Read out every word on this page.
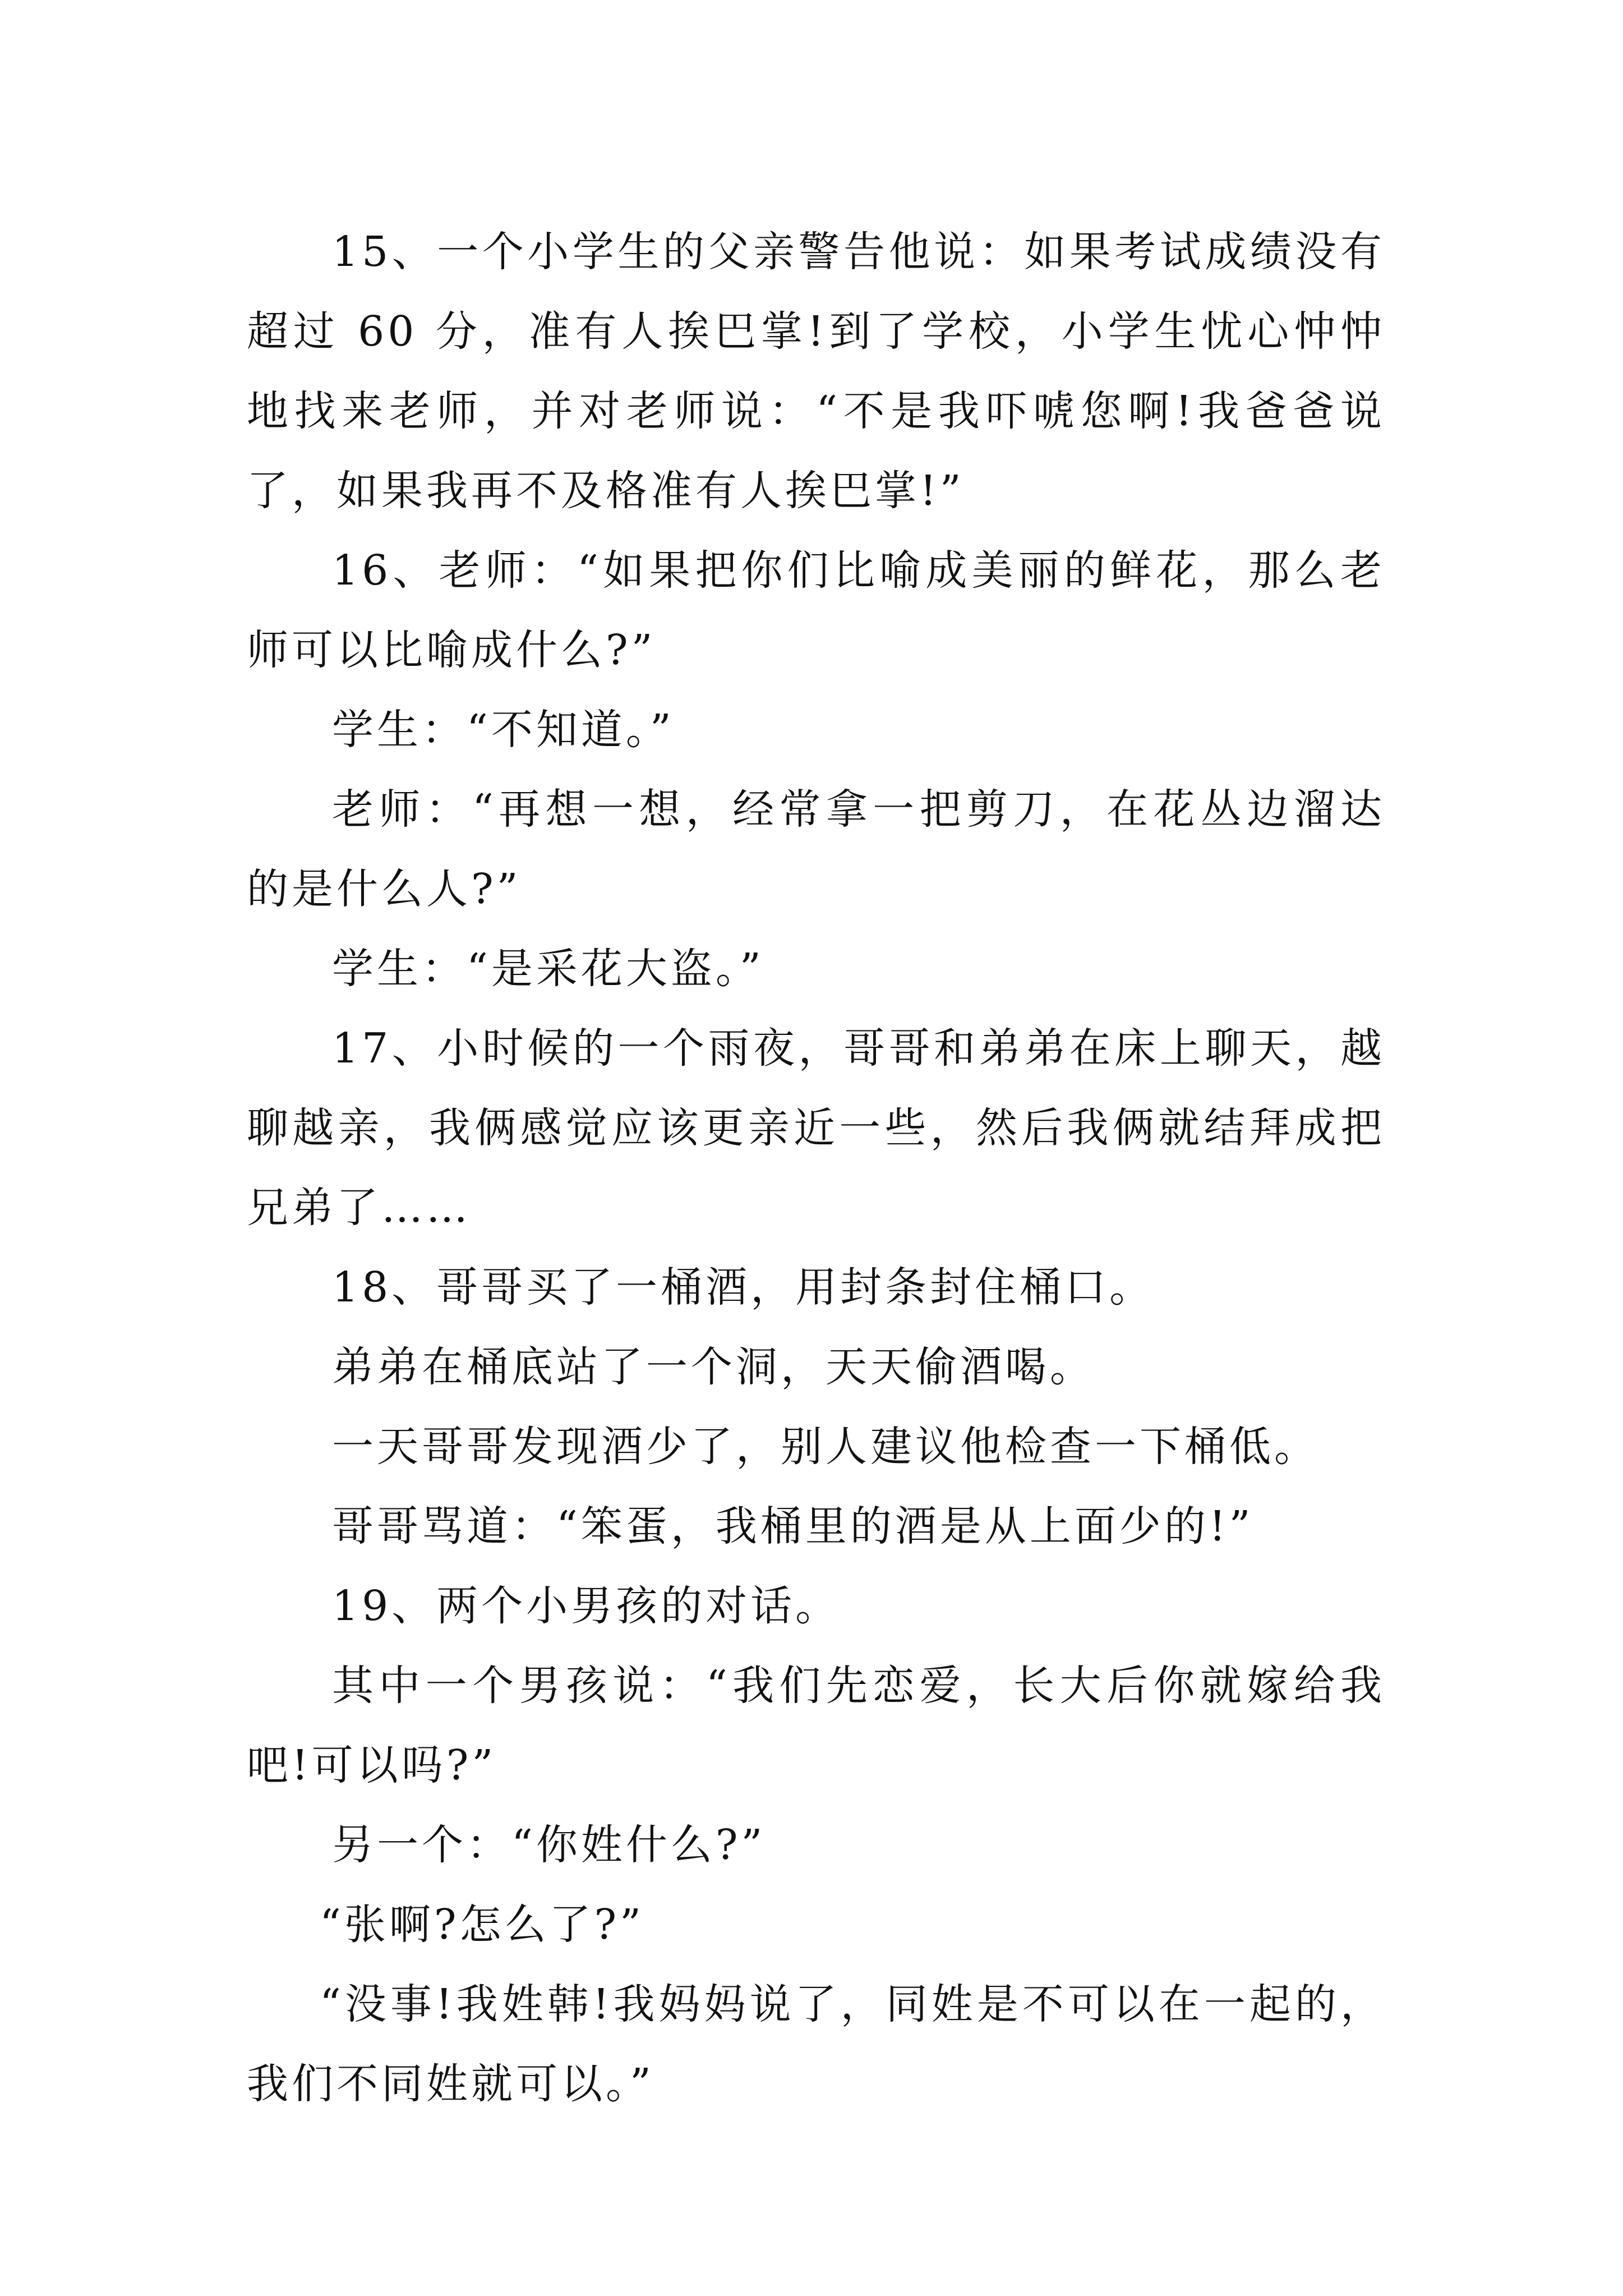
15、一个小学生的父亲警告他说：如果考试成绩没有超过 60 分，准有人挨巴掌!到了学校，小学生忧心忡忡地找来老师，并对老师说：“不是我吓唬您啊!我爸爸说了，如果我再不及格准有人挨巴掌!”

16、老师：“如果把你们比喻成美丽的鲜花，那么老师可以比喻成什么?”

学生：“不知道。”

老师：“再想一想，经常拿一把剪刀，在花丛边溜达的是什么人?”

学生：“是采花大盗。”

17、小时候的一个雨夜，哥哥和弟弟在床上聊天，越聊越亲，我俩感觉应该更亲近一些，然后我俩就结拜成把兄弟了……

18、哥哥买了一桶酒，用封条封住桶口。

弟弟在桶底站了一个洞，天天偷酒喝。

一天哥哥发现酒少了，别人建议他检查一下桶低。

哥哥骂道：“笨蛋，我桶里的酒是从上面少的!”

19、两个小男孩的对话。

其中一个男孩说：“我们先恋爱，长大后你就嫁给我吧!可以吗?”

另一个：“你姓什么?”

“张啊?怎么了?”

“没事!我姓韩!我妈妈说了，同姓是不可以在一起的，我们不同姓就可以。”
